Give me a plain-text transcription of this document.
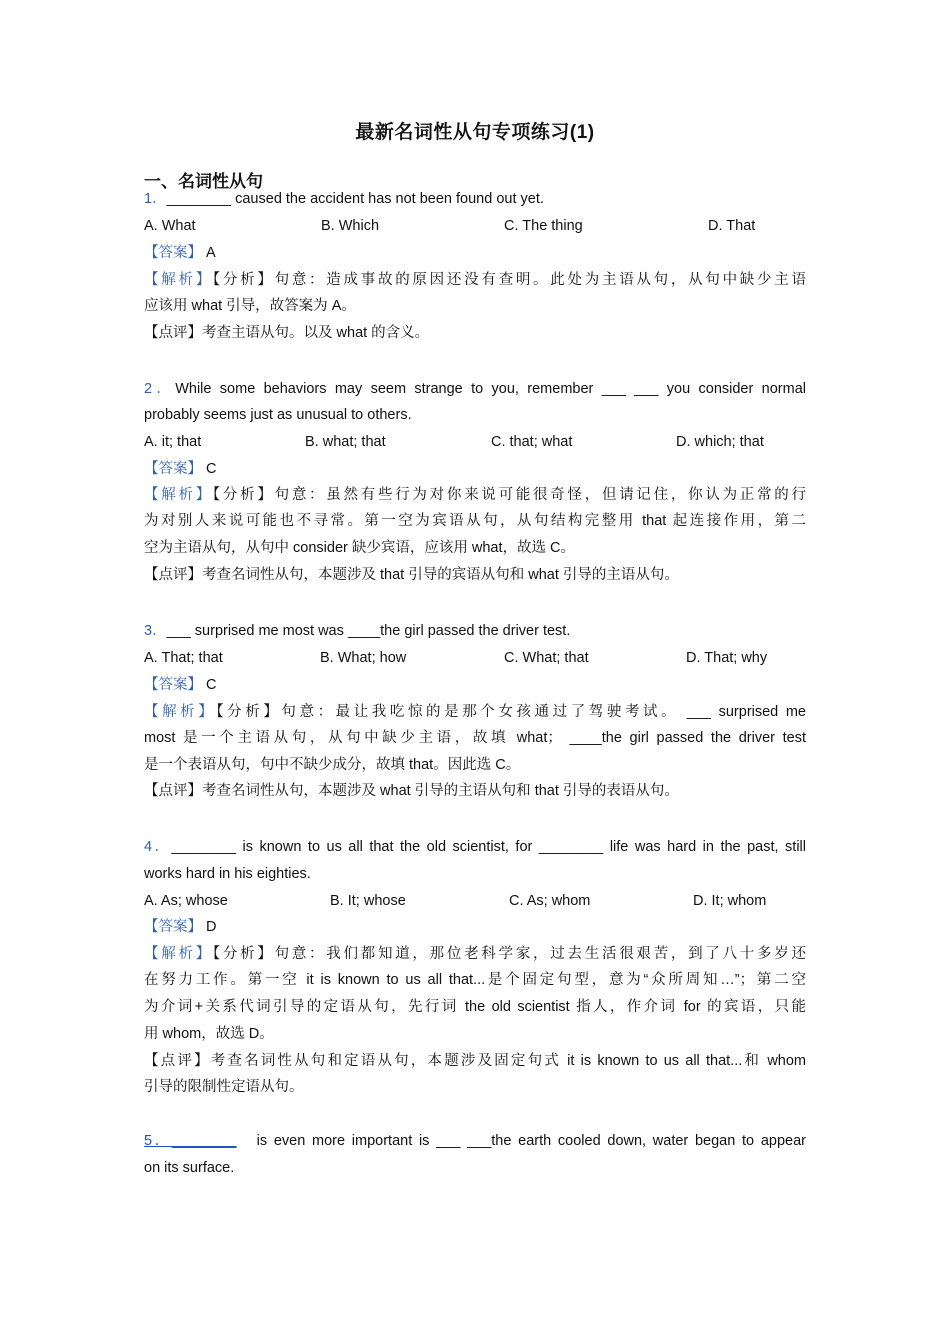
最新名词性从句专项练习(1)
一、名词性从句
1．________ caused the accident has not been found out yet.
A. What	B. Which	C. The thing	D. That
【答案】 A
【解析】【分析】句意：造成事故的原因还没有查明。此处为主语从句，从句中缺少主语
应该用 what 引导，故答案为 A。
【点评】考查主语从句。以及 what 的含义。
2．While some behaviors may seem strange to you, remember ___ ___ you consider normal
probably seems just as unusual to others.
A. it; that	B. what; that	C. that; what	D. which; that
【答案】 C
【解析】【分析】句意：虽然有些行为对你来说可能很奇怪，但请记住，你认为正常的行
为对别人来说可能也不寻常。第一空为宾语从句，从句结构完整用 that 起连接作用，第二
空为主语从句，从句中 consider 缺少宾语，应该用 what，故选 C。
【点评】考查名词性从句，本题涉及 that 引导的宾语从句和 what 引导的主语从句。
3．___ surprised me most was ____the girl passed the driver test.
A. That; that	B. What; how	C. What; that	D. That; why
【答案】 C
【解析】【分析】句意：最让我吃惊的是那个女孩通过了驾驶考试。 ___ surprised me
most 是一个主语从句，从句中缺少主语，故填 what； ____the girl passed the driver test
是一个表语从句，句中不缺少成分，故填 that。因此选 C。
【点评】考查名词性从句，本题涉及 what 引导的主语从句和 that 引导的表语从句。
4．________ is known to us all that the old scientist, for ________ life was hard in the past, still
works hard in his eighties.
A. As; whose	B. It; whose	C. As; whom	D. It; whom
【答案】 D
【解析】【分析】句意：我们都知道，那位老科学家，过去生活很艰苦，到了八十多岁还
在努力工作。第一空 it is known to us all that...是个固定句型，意为“众所周知…”；第二空
为介词+关系代词引导的定语从句，先行词 the old scientist 指人，作介词 for 的宾语，只能
用 whom，故选 D。
【点评】考查名词性从句和定语从句，本题涉及固定句式 it is known to us all that...和 whom
引导的限制性定语从句。
5．________ is even more important is ___ ___the earth cooled down, water began to appear
on its surface.
